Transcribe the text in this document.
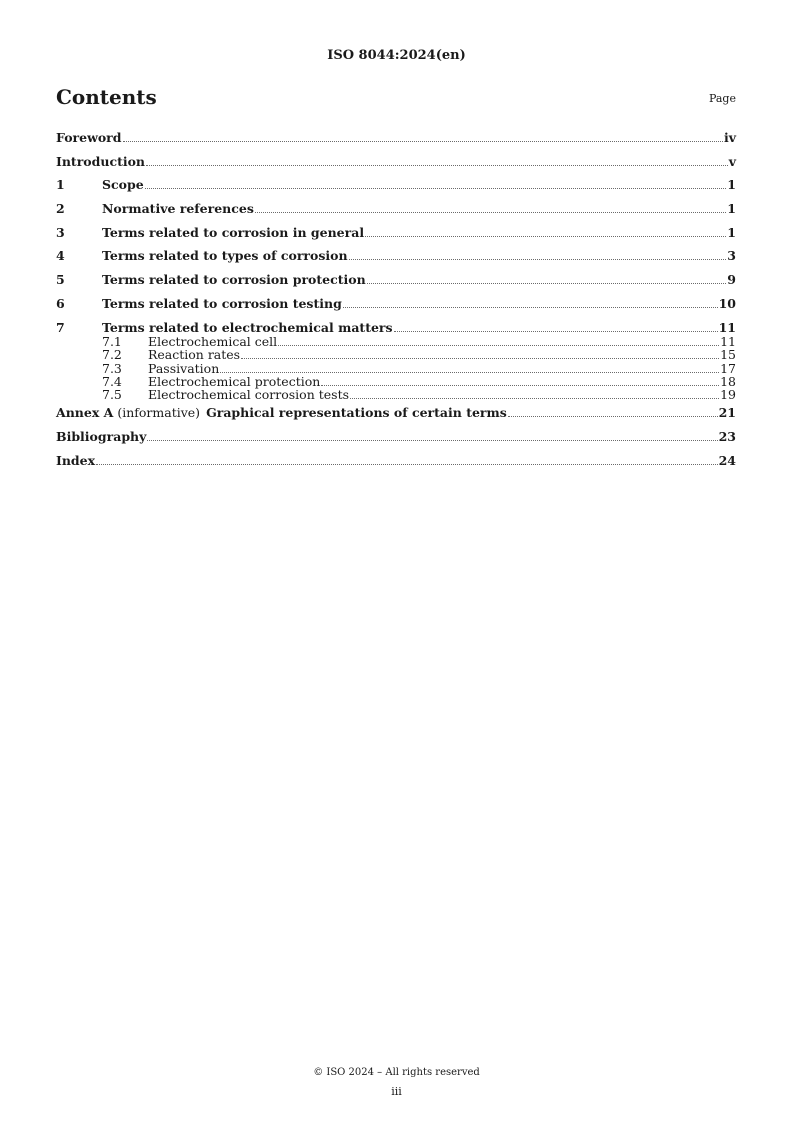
ISO 8044:2024(en)
Contents	Page
Foreword	iv
Introduction	v
1	Scope	1
2	Normative references	1
3	Terms related to corrosion in general	1
4	Terms related to types of corrosion	3
5	Terms related to corrosion protection	9
6	Terms related to corrosion testing	10
7	Terms related to electrochemical matters	11
7.1	Electrochemical cell	11
7.2	Reaction rates	15
7.3	Passivation	17
7.4	Electrochemical protection	18
7.5	Electrochemical corrosion tests	19
Annex A (informative) Graphical representations of certain terms	21
Bibliography	23
Index	24
© ISO 2024 – All rights reserved
iii
